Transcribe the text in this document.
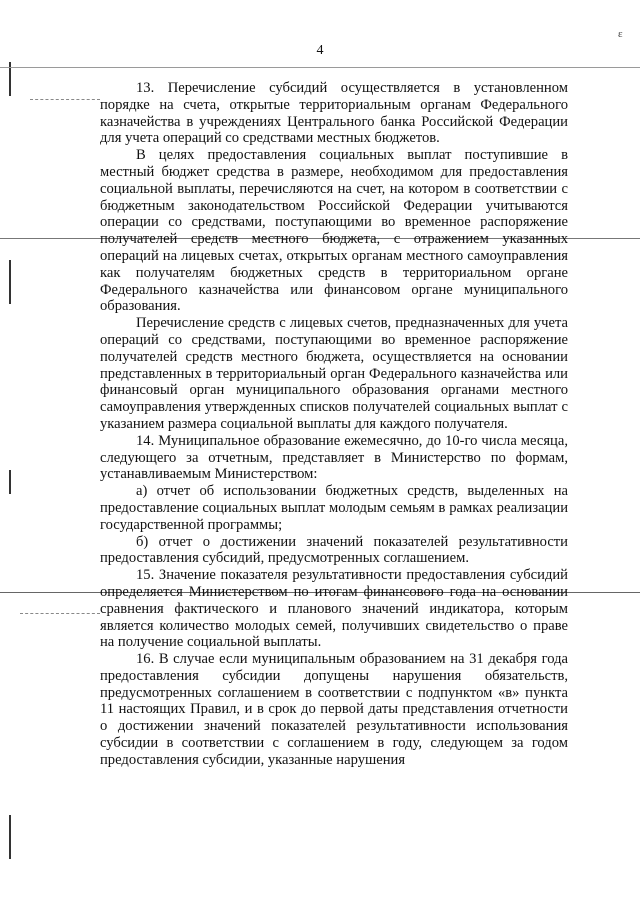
4
ε

13. Перечисление субсидий осуществляется в установленном порядке на счета, открытые территориальным органам Федерального казначейства в учреждениях Центрального банка Российской Федерации для учета операций со средствами местных бюджетов.

В целях предоставления социальных выплат поступившие в местный бюджет средства в размере, необходимом для предоставления социальной выплаты, перечисляются на счет, на котором в соответствии с бюджетным законодательством Российской Федерации учитываются операции со средствами, поступающими во временное распоряжение получателей средств местного бюджета, с отражением указанных операций на лицевых счетах, открытых органам местного самоуправления как получателям бюджетных средств в территориальном органе Федерального казначейства или финансовом органе муниципального образования.

Перечисление средств с лицевых счетов, предназначенных для учета операций со средствами, поступающими во временное распоряжение получателей средств местного бюджета, осуществляется на основании представленных в территориальный орган Федерального казначейства или финансовый орган муниципального образования органами местного самоуправления утвержденных списков получателей социальных выплат с указанием размера социальной выплаты для каждого получателя.

14. Муниципальное образование ежемесячно, до 10-го числа месяца, следующего за отчетным, представляет в Министерство по формам, устанавливаемым Министерством:

а) отчет об использовании бюджетных средств, выделенных на предоставление социальных выплат молодым семьям в рамках реализации государственной программы;

б) отчет о достижении значений показателей результативности предоставления субсидий, предусмотренных соглашением.

15. Значение показателя результативности предоставления субсидий определяется Министерством по итогам финансового года на основании сравнения фактического и планового значений индикатора, которым является количество молодых семей, получивших свидетельство о праве на получение социальной выплаты.

16. В случае если муниципальным образованием на 31 декабря года предоставления субсидии допущены нарушения обязательств, предусмотренных соглашением в соответствии с подпунктом «в» пункта 11 настоящих Правил, и в срок до первой даты представления отчетности о достижении значений показателей результативности использования субсидии в соответствии с соглашением в году, следующем за годом предоставления субсидии, указанные нарушения
